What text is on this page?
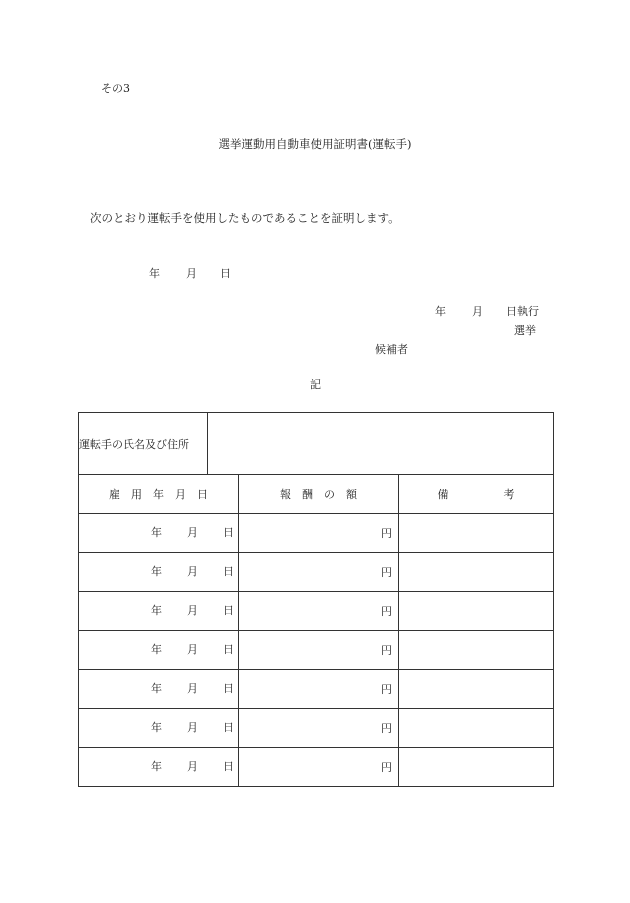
その3
選挙運動用自動車使用証明書(運転手)
次のとおり運転手を使用したものであることを証明します。
年 月 日
年 月 日執行
選挙
候補者
記
運転手の氏名及び住所			
雇　用　年　月　日		報　酬　の　額	備　　　　　考

年 月 日		円	

年 月 日		円	

年 月 日		円	

年 月 日		円	

年 月 日		円	

年 月 日		円	

年 月 日		円	
